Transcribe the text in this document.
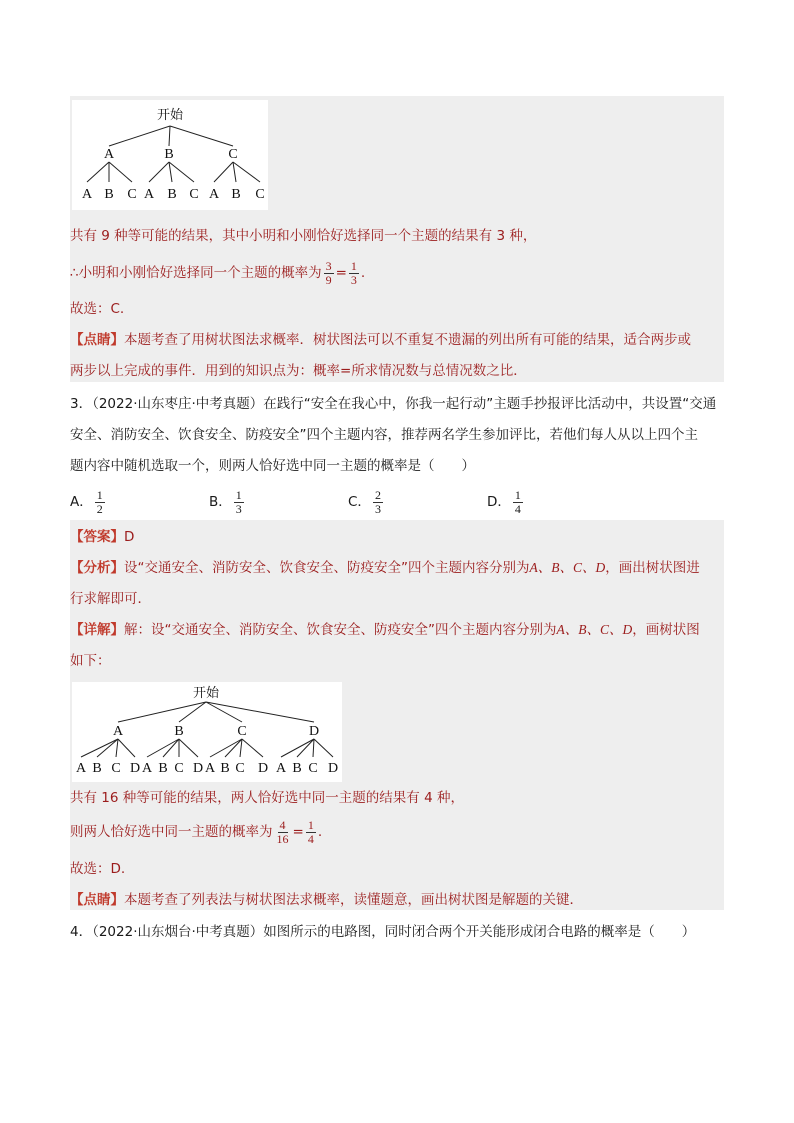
开始
A	B	C
A B C A B C A B C
共有 9 种等可能的结果，其中小明和小刚恰好选择同一个主题的结果有 3 种，
∴小明和小刚恰好选择同一个主题的概率为 $\frac{3}{9} = \frac{1}{3}$ .
故选：C.
【点睛】本题考查了用树状图法求概率．树状图法可以不重复不遗漏的列出所有可能的结果，适合两步或
两步以上完成的事件．用到的知识点为：概率=所求情况数与总情况数之比．
3．（2022·山东枣庄·中考真题）在践行“安全在我心中，你我一起行动”主题手抄报评比活动中，共设置“交通
安全、消防安全、饮食安全、防疫安全”四个主题内容，推荐两名学生参加评比，若他们每人从以上四个主
题内容中随机选取一个，则两人恰好选中同一主题的概率是（　　）
A． $\frac{1}{2}$	B． $\frac{1}{3}$	C． $\frac{2}{3}$	D． $\frac{1}{4}$
【答案】D
【分析】设“交通安全、消防安全、饮食安全、防疫安全”四个主题内容分别为A、B、C、D，画出树状图进
行求解即可．
【详解】解：设“交通安全、消防安全、饮食安全、防疫安全”四个主题内容分别为A、B、C、D，画树状图
如下：
开始
A	B	C	D
A B C D A B C D A B C D A B C D
共有 16 种等可能的结果，两人恰好选中同一主题的结果有 4 种，
则两人恰好选中同一主题的概率为 $\frac{4}{16} = \frac{1}{4}$ .
故选：D.
【点睛】本题考查了列表法与树状图法求概率，读懂题意，画出树状图是解题的关键．
4．（2022·山东烟台·中考真题）如图所示的电路图，同时闭合两个开关能形成闭合电路的概率是（　　）
